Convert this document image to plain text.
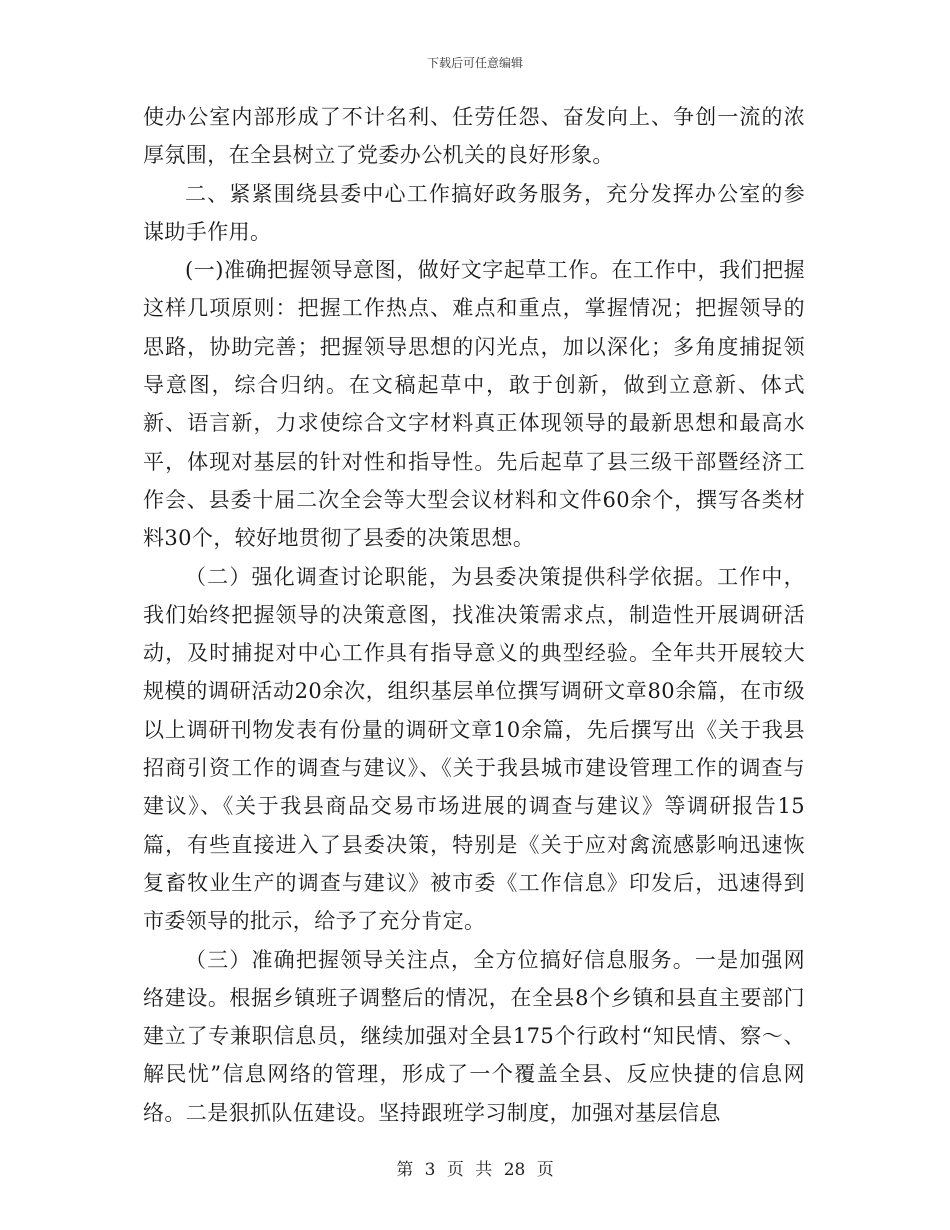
下载后可任意编辑

使办公室内部形成了不计名利、任劳任怨、奋发向上、争创一流的浓厚氛围，在全县树立了党委办公机关的良好形象。

二、紧紧围绕县委中心工作搞好政务服务，充分发挥办公室的参谋助手作用。

(一)准确把握领导意图，做好文字起草工作。在工作中，我们把握这样几项原则：把握工作热点、难点和重点，掌握情况；把握领导的思路，协助完善；把握领导思想的闪光点，加以深化；多角度捕捉领导意图，综合归纳。在文稿起草中，敢于创新，做到立意新、体式新、语言新，力求使综合文字材料真正体现领导的最新思想和最高水平，体现对基层的针对性和指导性。先后起草了县三级干部暨经济工作会、县委十届二次全会等大型会议材料和文件60余个，撰写各类材料30个，较好地贯彻了县委的决策思想。

（二）强化调查讨论职能，为县委决策提供科学依据。工作中，我们始终把握领导的决策意图，找准决策需求点，制造性开展调研活动，及时捕捉对中心工作具有指导意义的典型经验。全年共开展较大规模的调研活动20余次，组织基层单位撰写调研文章80余篇，在市级以上调研刊物发表有份量的调研文章10余篇，先后撰写出《关于我县招商引资工作的调查与建议》、《关于我县城市建设管理工作的调查与建议》、《关于我县商品交易市场进展的调查与建议》等调研报告15篇，有些直接进入了县委决策，特别是《关于应对禽流感影响迅速恢复畜牧业生产的调查与建议》被市委《工作信息》印发后，迅速得到市委领导的批示，给予了充分肯定。

（三）准确把握领导关注点，全方位搞好信息服务。一是加强网络建设。根据乡镇班子调整后的情况，在全县8个乡镇和县直主要部门建立了专兼职信息员，继续加强对全县175个行政村“知民情、察～、解民忧”信息网络的管理，形成了一个覆盖全县、反应快捷的信息网络。二是狠抓队伍建设。坚持跟班学习制度，加强对基层信息

第 3 页 共 28 页
